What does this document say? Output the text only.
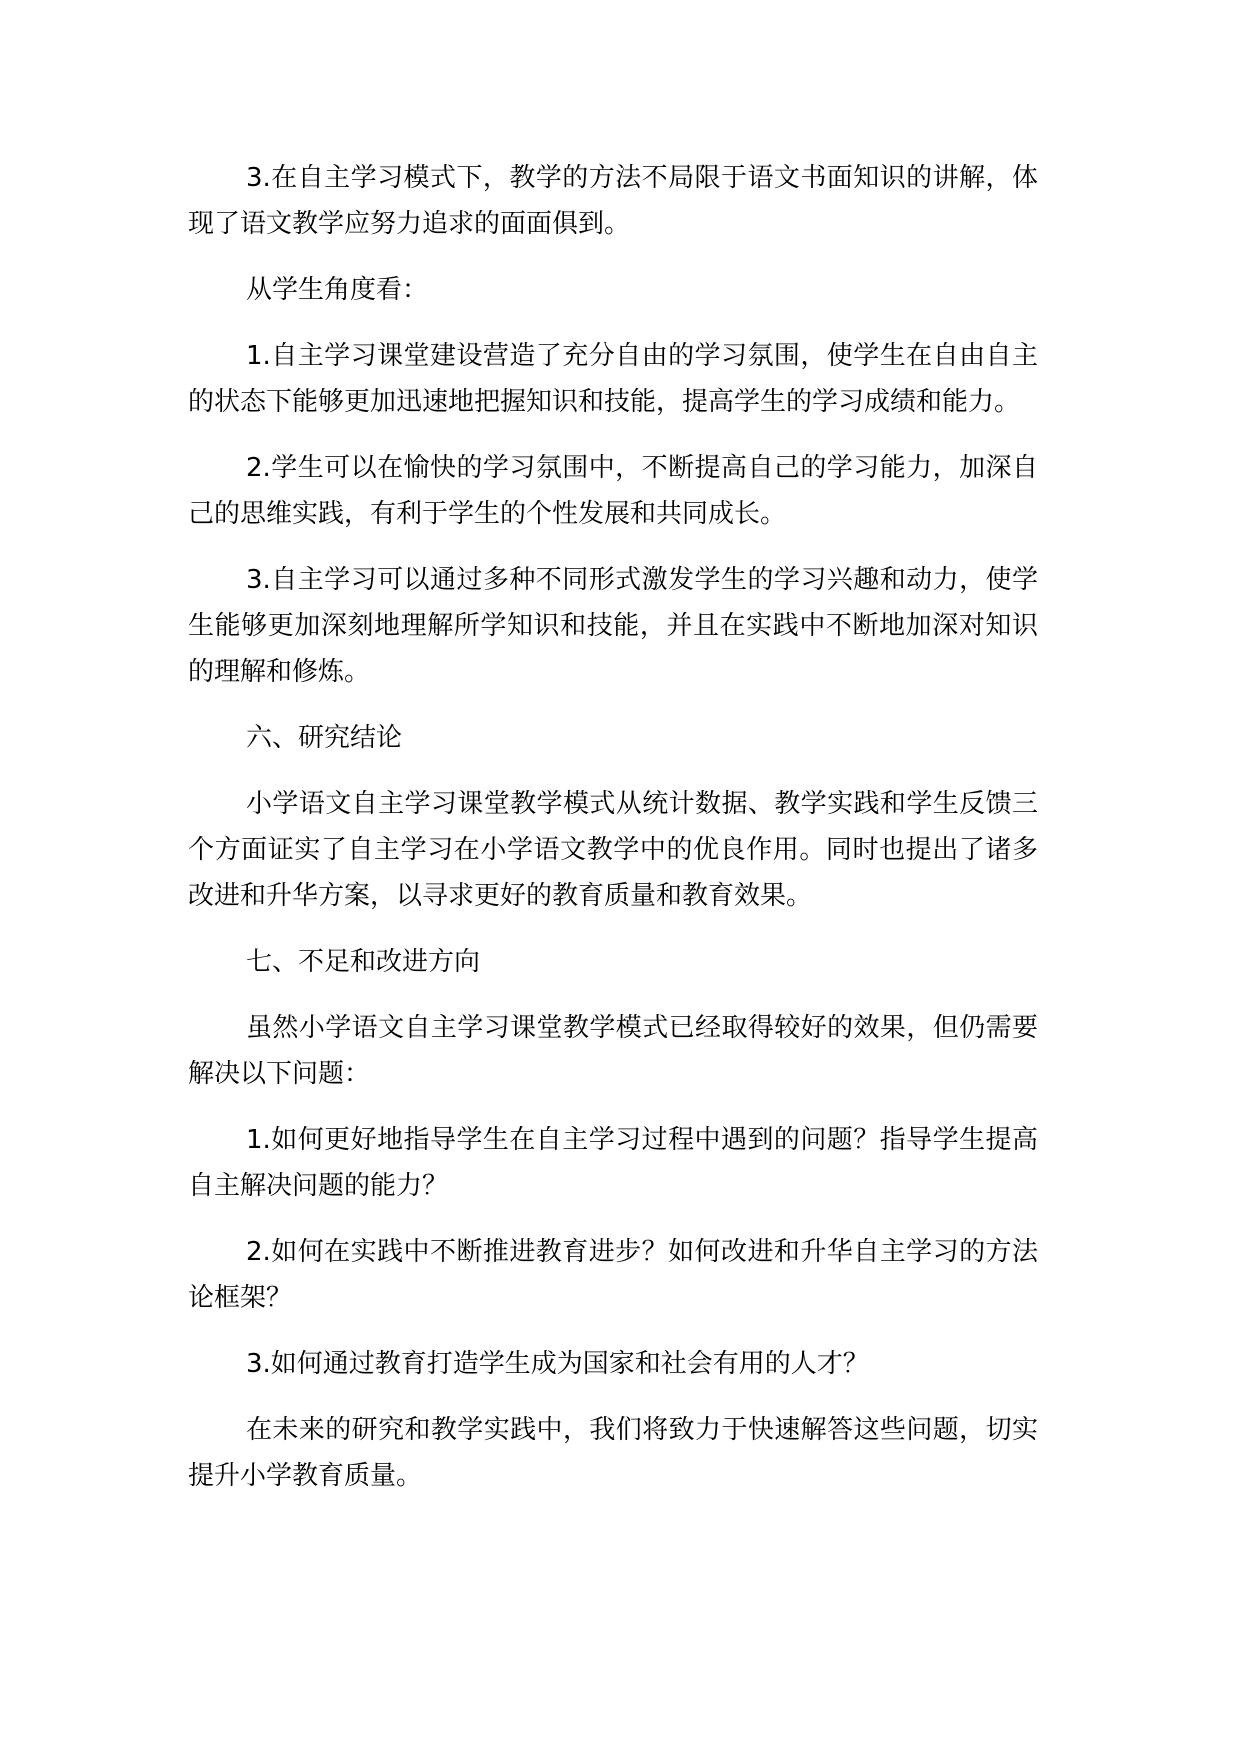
3.在自主学习模式下，教学的方法不局限于语文书面知识的讲解，体现了语文教学应努力追求的面面俱到。

从学生角度看：

1.自主学习课堂建设营造了充分自由的学习氛围，使学生在自由自主的状态下能够更加迅速地把握知识和技能，提高学生的学习成绩和能力。

2.学生可以在愉快的学习氛围中，不断提高自己的学习能力，加深自己的思维实践，有利于学生的个性发展和共同成长。

3.自主学习可以通过多种不同形式激发学生的学习兴趣和动力，使学生能够更加深刻地理解所学知识和技能，并且在实践中不断地加深对知识的理解和修炼。

六、研究结论

小学语文自主学习课堂教学模式从统计数据、教学实践和学生反馈三个方面证实了自主学习在小学语文教学中的优良作用。同时也提出了诸多改进和升华方案，以寻求更好的教育质量和教育效果。

七、不足和改进方向

虽然小学语文自主学习课堂教学模式已经取得较好的效果，但仍需要解决以下问题：

1.如何更好地指导学生在自主学习过程中遇到的问题？指导学生提高自主解决问题的能力？

2.如何在实践中不断推进教育进步？如何改进和升华自主学习的方法论框架？

3.如何通过教育打造学生成为国家和社会有用的人才？

在未来的研究和教学实践中，我们将致力于快速解答这些问题，切实提升小学教育质量。
